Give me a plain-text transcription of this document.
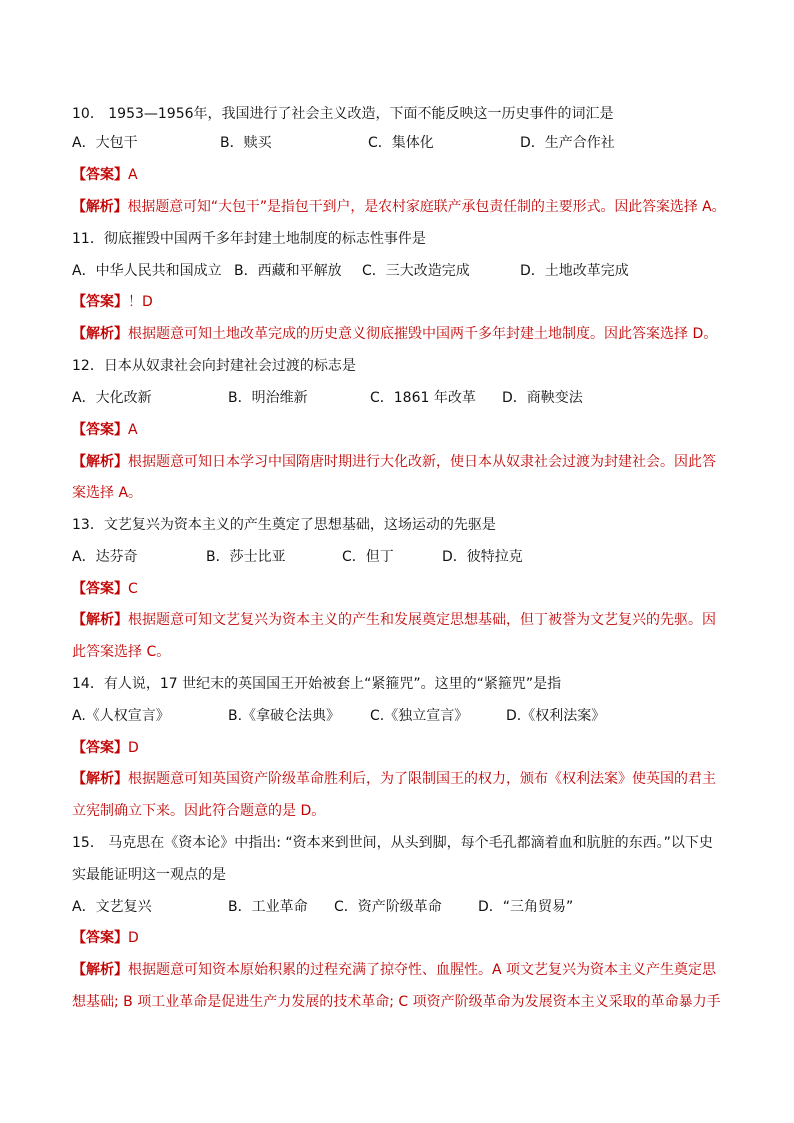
10． 1953—1956年，我国进行了社会主义改造，下面不能反映这一历史事件的词汇是
A．大包干	B．赎买	C．集体化	D．生产合作社
【答案】A
【解析】根据题意可知“大包干”是指包干到户，是农村家庭联产承包责任制的主要形式。因此答案选择 A。
11．彻底摧毁中国两千多年封建土地制度的标志性事件是
A．中华人民共和国成立 B．西藏和平解放 C．三大改造完成	D．土地改革完成
【答案】！D
【解析】根据题意可知土地改革完成的历史意义彻底摧毁中国两千多年封建土地制度。因此答案选择 D。
12．日本从奴隶社会向封建社会过渡的标志是
A．大化改新	B．明治维新	C．1861 年改革 D．商鞅变法
【答案】A
【解析】根据题意可知日本学习中国隋唐时期进行大化改新，使日本从奴隶社会过渡为封建社会。因此答
案选择 A。
13．文艺复兴为资本主义的产生奠定了思想基础，这场运动的先驱是
A．达芬奇	B．莎士比亚	C．但丁	D．彼特拉克
【答案】C
【解析】根据题意可知文艺复兴为资本主义的产生和发展奠定思想基础，但丁被誉为文艺复兴的先驱。因
此答案选择 C。
14．有人说，17 世纪末的英国国王开始被套上“紧箍咒”。这里的“紧箍咒”是指
A.《人权宣言》	B.《拿破仑法典》 C.《独立宣言》	D.《权利法案》
【答案】D
【解析】根据题意可知英国资产阶级革命胜利后，为了限制国王的权力，颁布《权利法案》使英国的君主
立宪制确立下来。因此符合题意的是 D。
15． 马克思在《资本论》中指出: “资本来到世间，从头到脚，每个毛孔都滴着血和肮脏的东西。”以下史
实最能证明这一观点的是
A．文艺复兴	B．工业革命 C．资产阶级革命	D．“三角贸易”
【答案】D
【解析】根据题意可知资本原始积累的过程充满了掠夺性、血腥性。A 项文艺复兴为资本主义产生奠定思
想基础; B 项工业革命是促进生产力发展的技术革命; C 项资产阶级革命为发展资本主义采取的革命暴力手
